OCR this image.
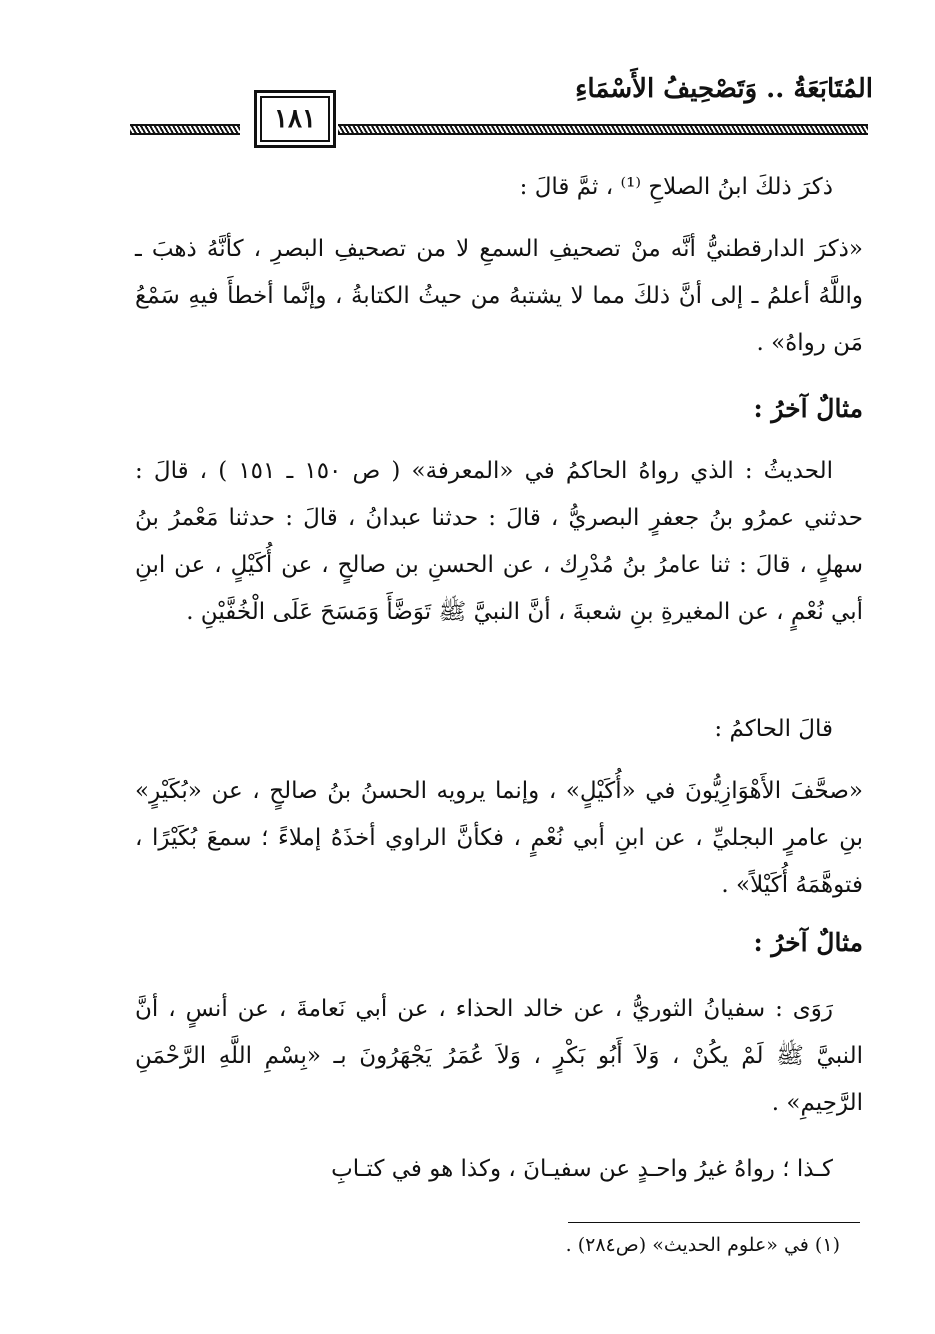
المُتَابَعَةُ .. وَتَصْحِيفُ الأَسْمَاءِ
١٨١

ذكرَ ذلكَ ابنُ الصلاحِ ⁽¹⁾ ، ثمَّ قالَ :

«ذكرَ الدارقطنيُّ أنَّه منْ تصحيفِ السمعِ لا من تصحيفِ البصرِ ، كأنَّهُ ذهبَ ـ واللَّهُ أعلمُ ـ إلى أنَّ ذلكَ مما لا يشتبهُ من حيثُ الكتابةُ ، وإنَّما أخطأَ فيهِ سَمْعُ مَن رواهُ» .

مثالٌ آخرُ :

الحديثُ : الذي رواهُ الحاكمُ في «المعرفة» ( ص ١٥٠ ـ ١٥١ ) ، قالَ : حدثني عمرُو بنُ جعفرٍ البصريُّ ، قالَ : حدثنا عبدانُ ، قالَ : حدثنا مَعْمرُ بنُ سهلٍ ، قالَ : ثنا عامرُ بنُ مُدْرِك ، عن الحسنِ بن صالحٍ ، عن أُكَيْلٍ ، عن ابنِ أبي نُعْمٍ ، عن المغيرةِ بنِ شعبةَ ، أنَّ النبيَّ ﷺ تَوَضَّأَ وَمَسَحَ عَلَى الْخُفَّيْنِ .

قالَ الحاكمُ :

«صحَّفَ الأَهْوَازِيُّونَ في «أُكَيْلٍ» ، وإنما يرويه الحسنُ بنُ صالحٍ ، عن «بُكَيْرٍ» بنِ عامرٍ البجليِّ ، عن ابنِ أبي نُعْمٍ ، فكأنَّ الراوي أخذَهُ إملاءً ؛ سمعَ بُكَيْرًا ، فتوهَّمَهُ أُكَيْلاً» .

مثالٌ آخرُ :

رَوَى : سفيانُ الثوريُّ ، عن خالد الحذاء ، عن أبي نَعامةَ ، عن أنسٍ ، أنَّ النبيَّ ﷺ لَمْ يكُنْ ، وَلاَ أَبُو بَكْرٍ ، وَلاَ عُمَرُ يَجْهَرُونَ بـ «بِسْمِ اللَّهِ الرَّحْمَنِ الرَّحِيمِ» .

كـذا ؛ رواهُ غيرُ واحـدٍ عن سفيـانَ ، وكذا هو في كتـابِ

(١) في «علوم الحديث» (ص٢٨٤) .
